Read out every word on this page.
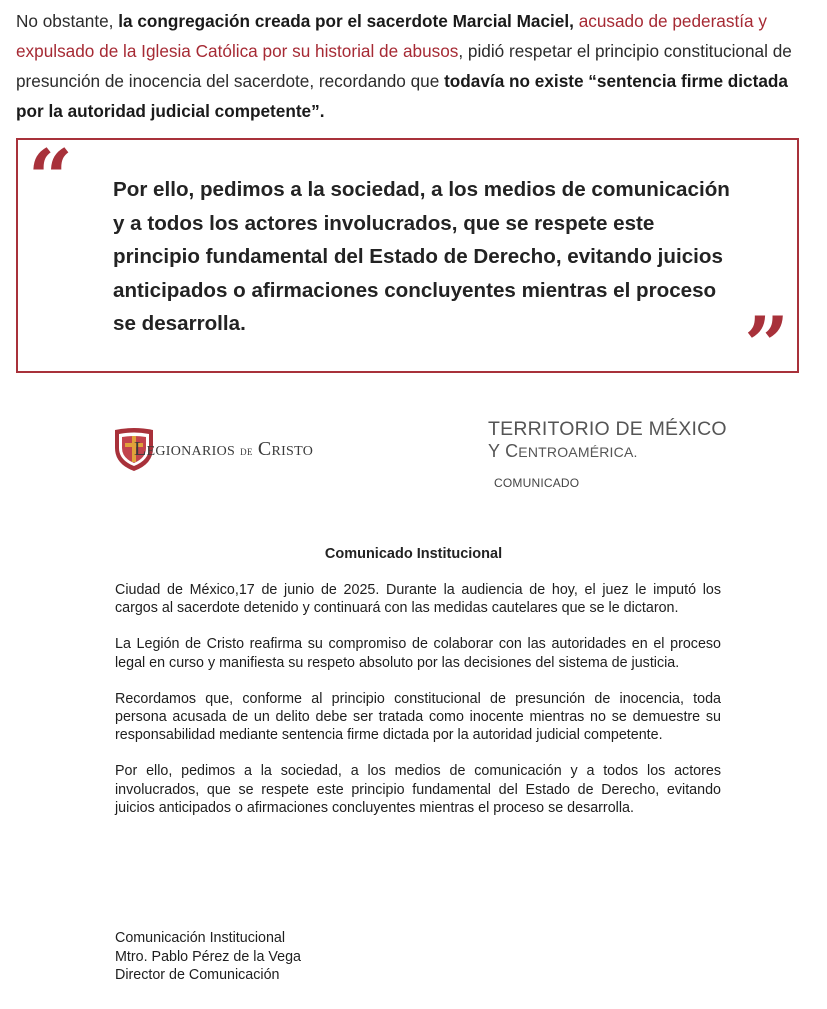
No obstante, la congregación creada por el sacerdote Marcial Maciel, acusado de pederastía y expulsado de la Iglesia Católica por su historial de abusos, pidió respetar el principio constitucional de presunción de inocencia del sacerdote, recordando que todavía no existe “sentencia firme dictada por la autoridad judicial competente”.
“ Por ello, pedimos a la sociedad, a los medios de comunicación y a todos los actores involucrados, que se respete este principio fundamental del Estado de Derecho, evitando juicios anticipados o afirmaciones concluyentes mientras el proceso se desarrolla.	”
Legionarios de Cristo
TERRITORIO DE MÉXICO
Y CENTROAMÉRICA.
COMUNICADO
Comunicado Institucional

Ciudad de México,17 de junio de 2025. Durante la audiencia de hoy, el juez le imputó los cargos al sacerdote detenido y continuará con las medidas cautelares que se le dictaron.

La Legión de Cristo reafirma su compromiso de colaborar con las autoridades en el proceso legal en curso y manifiesta su respeto absoluto por las decisiones del sistema de justicia.

Recordamos que, conforme al principio constitucional de presunción de inocencia, toda persona acusada de un delito debe ser tratada como inocente mientras no se demuestre su responsabilidad mediante sentencia firme dictada por la autoridad judicial competente.

Por ello, pedimos a la sociedad, a los medios de comunicación y a todos los actores involucrados, que se respete este principio fundamental del Estado de Derecho, evitando juicios anticipados o afirmaciones concluyentes mientras el proceso se desarrolla.

Comunicación Institucional
Mtro. Pablo Pérez de la Vega
Director de Comunicación
